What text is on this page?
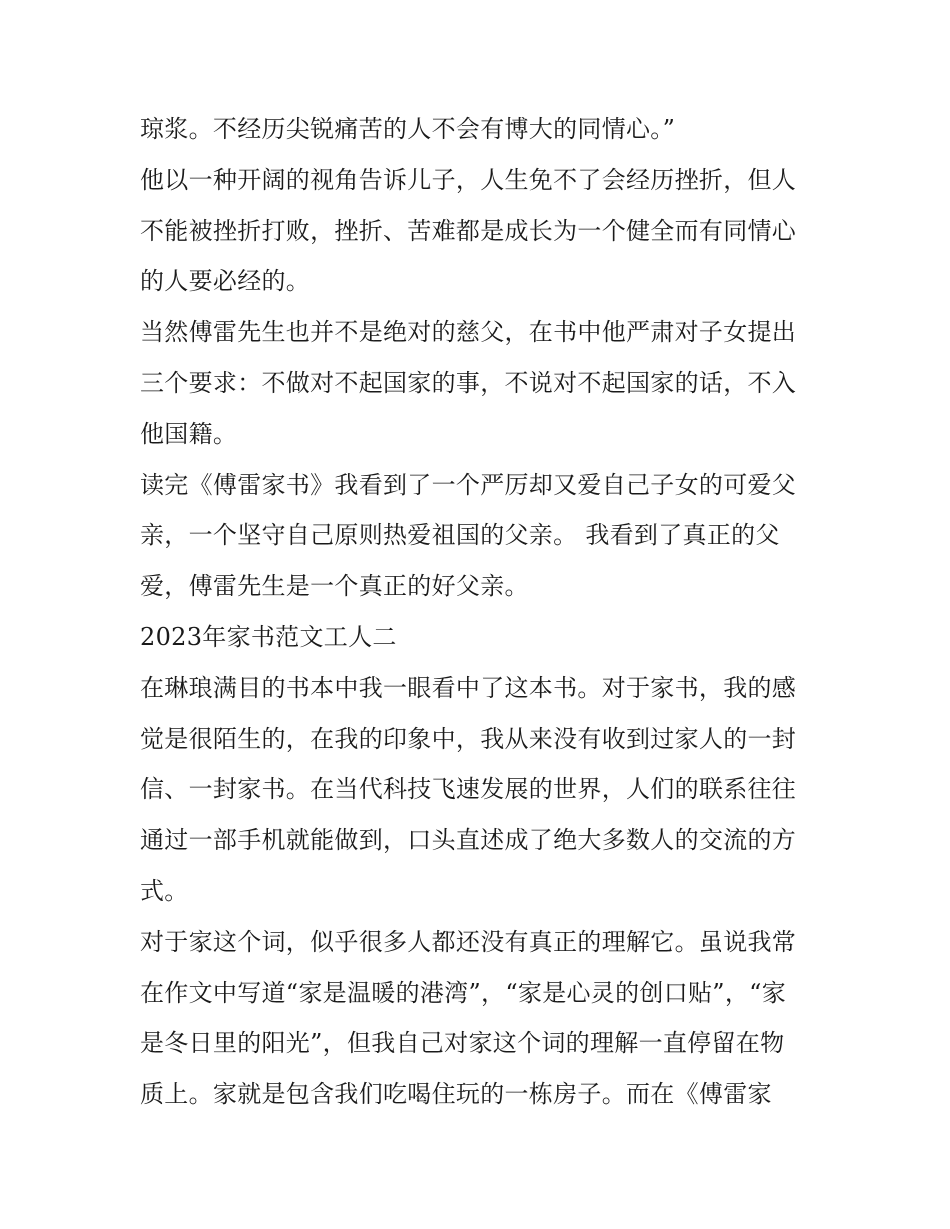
琼浆。不经历尖锐痛苦的人不会有博大的同情心。”
他以一种开阔的视角告诉儿子，人生免不了会经历挫折，但人
不能被挫折打败，挫折、苦难都是成长为一个健全而有同情心
的人要必经的。
当然傅雷先生也并不是绝对的慈父，在书中他严肃对子女提出
三个要求：不做对不起国家的事，不说对不起国家的话，不入
他国籍。
读完《傅雷家书》我看到了一个严厉却又爱自己子女的可爱父
亲，一个坚守自己原则热爱祖国的父亲。 我看到了真正的父
爱，傅雷先生是一个真正的好父亲。
2023年家书范文工人二
在琳琅满目的书本中我一眼看中了这本书。对于家书，我的感
觉是很陌生的，在我的印象中，我从来没有收到过家人的一封
信、一封家书。在当代科技飞速发展的世界，人们的联系往往
通过一部手机就能做到，口头直述成了绝大多数人的交流的方
式。
对于家这个词，似乎很多人都还没有真正的理解它。虽说我常
在作文中写道“家是温暖的港湾”，“家是心灵的创口贴”，“家
是冬日里的阳光”，但我自己对家这个词的理解一直停留在物
质上。家就是包含我们吃喝住玩的一栋房子。而在《傅雷家
